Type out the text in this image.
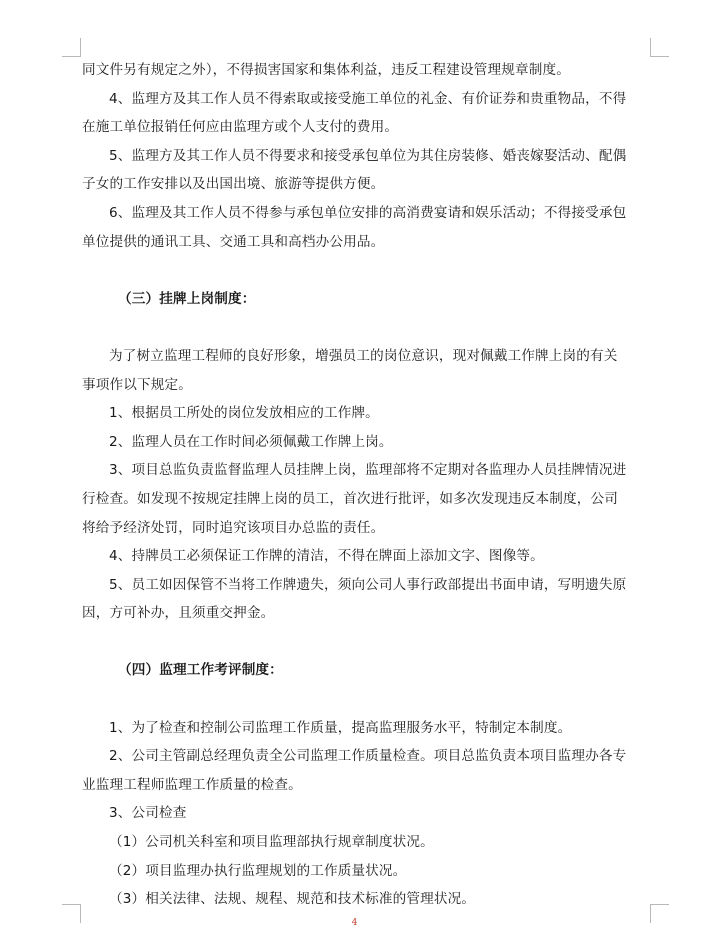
同文件另有规定之外），不得损害国家和集体利益，违反工程建设管理规章制度。
4、监理方及其工作人员不得索取或接受施工单位的礼金、有价证券和贵重物品，不得
在施工单位报销任何应由监理方或个人支付的费用。
5、监理方及其工作人员不得要求和接受承包单位为其住房装修、婚丧嫁娶活动、配偶
子女的工作安排以及出国出境、旅游等提供方便。
6、监理及其工作人员不得参与承包单位安排的高消费宴请和娱乐活动；不得接受承包
单位提供的通讯工具、交通工具和高档办公用品。
（三）挂牌上岗制度：
为了树立监理工程师的良好形象，增强员工的岗位意识，现对佩戴工作牌上岗的有关
事项作以下规定。
1、根据员工所处的岗位发放相应的工作牌。
2、监理人员在工作时间必须佩戴工作牌上岗。
3、项目总监负责监督监理人员挂牌上岗，监理部将不定期对各监理办人员挂牌情况进
行检查。如发现不按规定挂牌上岗的员工，首次进行批评，如多次发现违反本制度，公司
将给予经济处罚，同时追究该项目办总监的责任。
4、持牌员工必须保证工作牌的清洁，不得在牌面上添加文字、图像等。
5、员工如因保管不当将工作牌遗失，须向公司人事行政部提出书面申请，写明遗失原
因，方可补办，且须重交押金。
（四）监理工作考评制度：
1、为了检查和控制公司监理工作质量，提高监理服务水平，特制定本制度。
2、公司主管副总经理负责全公司监理工作质量检查。项目总监负责本项目监理办各专
业监理工程师监理工作质量的检查。
3、公司检查
（1）公司机关科室和项目监理部执行规章制度状况。
（2）项目监理办执行监理规划的工作质量状况。
（3）相关法律、法规、规程、规范和技术标准的管理状况。
4
